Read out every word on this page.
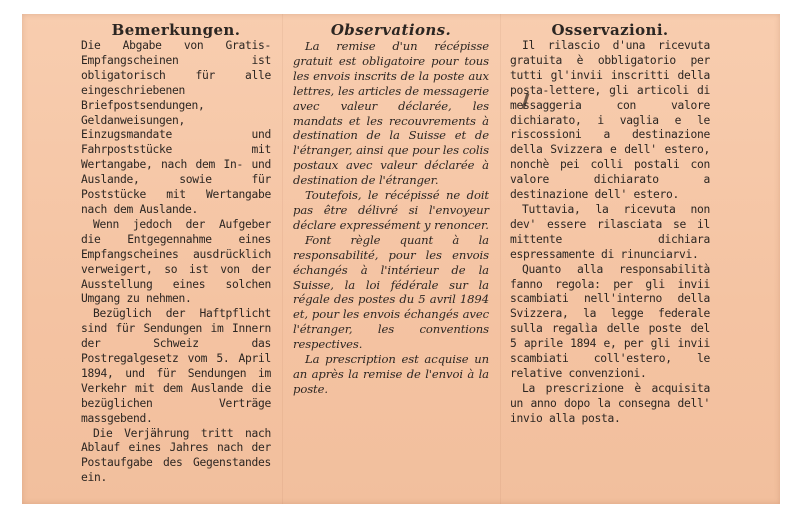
Bemerkungen.

Die Abgabe von Gratis-Empfangscheinen ist obligatorisch für alle eingeschriebenen Briefpostsendungen, Geldanweisungen, Einzugsmandate und Fahrpoststücke mit Wertangabe, nach dem In- und Auslande, sowie für Poststücke mit Wertangabe nach dem Auslande.

Wenn jedoch der Aufgeber die Entgegennahme eines Empfangscheines ausdrücklich verweigert, so ist von der Ausstellung eines solchen Umgang zu nehmen.

Bezüglich der Haftpflicht sind für Sendungen im Innern der Schweiz das Postregalgesetz vom 5. April 1894, und für Sendungen im Verkehr mit dem Auslande die bezüglichen Verträge massgebend.

Die Verjährung tritt nach Ablauf eines Jahres nach der Postaufgabe des Gegenstandes ein.

Observations.

La remise d'un récépisse gratuit est obligatoire pour tous les envois inscrits de la poste aux lettres, les articles de messagerie avec valeur déclarée, les mandats et les recouvrements à destination de la Suisse et de l'étranger, ainsi que pour les colis postaux avec valeur déclarée à destination de l'étranger.

Toutefois, le récépissé ne doit pas être délivré si l'envoyeur déclare expressément y renoncer.

Font règle quant à la responsabilité, pour les envois échangés à l'intérieur de la Suisse, la loi fédérale sur la régale des postes du 5 avril 1894 et, pour les envois échangés avec l'étranger, les conventions respectives.

La prescription est acquise un an après la remise de l'envoi à la poste.

Osservazioni.

Il rilascio d'una ricevuta gratuita è obbligatorio per tutti gl'invii inscritti della posta-lettere, gli articoli di messaggeria con valore dichiarato, i vaglia e le riscossioni a destinazione della Svizzera e dell' estero, nonchè pei colli postali con valore dichiarato a destinazione dell' estero.

Tuttavia, la ricevuta non dev' essere rilasciata se il mittente dichiara espressamente di rinunciarvi.

Quanto alla responsabilità fanno regola: per gli invii scambiati nell'interno della Svizzera, la legge federale sulla regalìa delle poste del 5 aprile 1894 e, per gli invii scambiati coll'estero, le relative convenzioni.

La prescrizione è acquisita un anno dopo la consegna dell' invio alla posta.
